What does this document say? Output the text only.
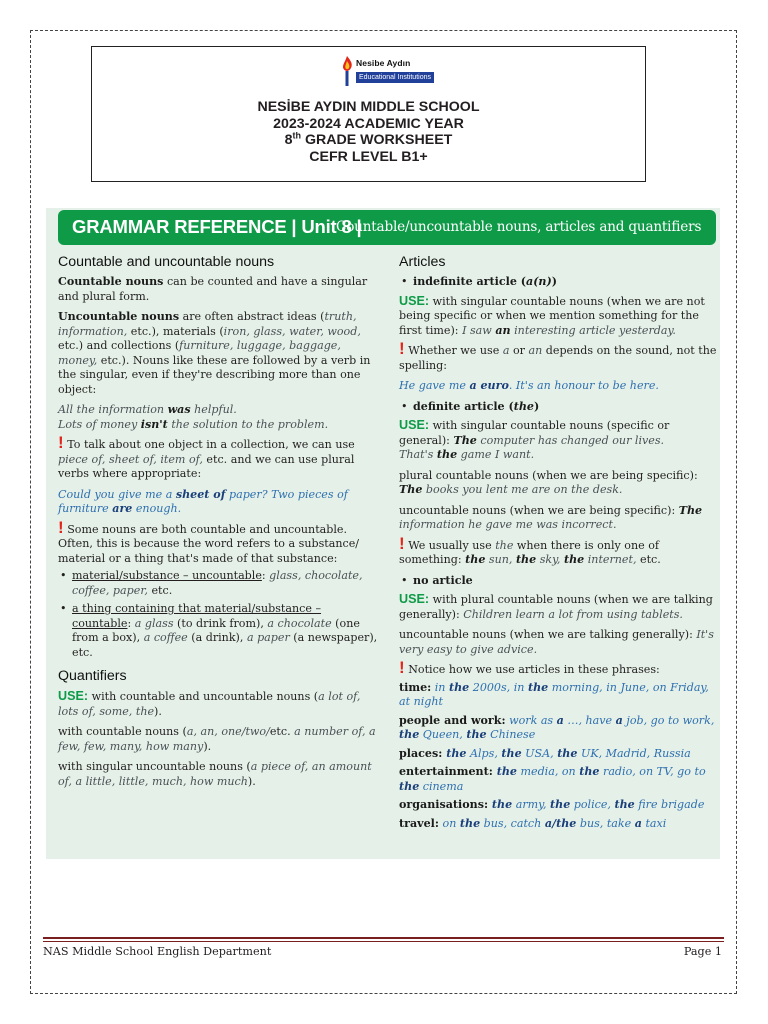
Nesibe Aydın
Educational Institutions
NESİBE AYDIN MIDDLE SCHOOL
2023-2024 ACADEMIC YEAR
8th GRADE WORKSHEET
CEFR LEVEL B1+
GRAMMAR REFERENCE | Unit 8 |
Countable/uncountable nouns, articles and quantifiers
Countable and uncountable nouns

Countable nouns can be counted and have a singular and plural form.

Uncountable nouns are often abstract ideas (truth, information, etc.), materials (iron, glass, water, wood, etc.) and collections (furniture, luggage, baggage, money, etc.). Nouns like these are followed by a verb in the singular, even if they're describing more than one object:

All the information was helpful.
Lots of money isn't the solution to the problem.

! To talk about one object in a collection, we can use piece of, sheet of, item of, etc. and we can use plural verbs where appropriate:

Could you give me a sheet of paper? Two pieces of furniture are enough.

! Some nouns are both countable and uncountable. Often, this is because the word refers to a substance/ material or a thing that's made of that substance:

• material/substance – uncountable: glass, chocolate, coffee, paper, etc.
• a thing containing that material/substance – countable: a glass (to drink from), a chocolate (one from a box), a coffee (a drink), a paper (a newspaper), etc.
Quantifiers

USE: with countable and uncountable nouns (a lot of, lots of, some, the).

with countable nouns (a, an, one/two/etc. a number of, a few, few, many, how many).

with singular uncountable nouns (a piece of, an amount of, a little, little, much, how much).

Articles
• indefinite article (a(n))

USE: with singular countable nouns (when we are not being specific or when we mention something for the first time): I saw an interesting article yesterday.

! Whether we use a or an depends on the sound, not the spelling:

He gave me a euro. It's an honour to be here.

• definite article (the)

USE: with singular countable nouns (specific or general): The computer has changed our lives.
That's the game I want.

plural countable nouns (when we are being specific): The books you lent me are on the desk.

uncountable nouns (when we are being specific): The information he gave me was incorrect.

! We usually use the when there is only one of something: the sun, the sky, the internet, etc.

• no article

USE: with plural countable nouns (when we are talking generally): Children learn a lot from using tablets.

uncountable nouns (when we are talking generally): It's very easy to give advice.

! Notice how we use articles in these phrases:

time: in the 2000s, in the morning, in June, on Friday, at night

people and work: work as a …, have a job, go to work, the Queen, the Chinese

places: the Alps, the USA, the UK, Madrid, Russia

entertainment: the media, on the radio, on TV, go to the cinema

organisations: the army, the police, the fire brigade

travel: on the bus, catch a/the bus, take a taxi

NAS Middle School English Department	Page 1
